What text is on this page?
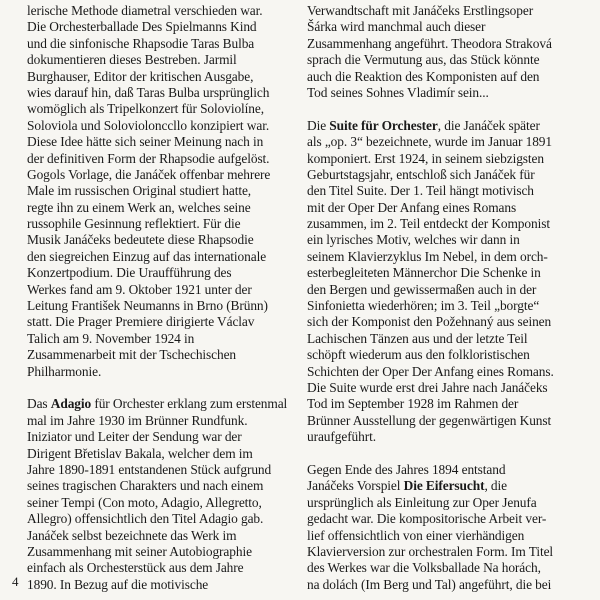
lerische Methode diametral verschieden war.
Die Orchesterballade Des Spielmanns Kind
und die sinfonische Rhapsodie Taras Bulba
dokumentieren dieses Bestreben. Jarmil
Burghauser, Editor der kritischen Ausgabe,
wies darauf hin, daß Taras Bulba ursprünglich
womöglich als Tripelkonzert für Soloviolíne,
Soloviola und Soloviolonccllo konzipiert war.
Diese Idee hätte sich seiner Meinung nach in
der definitiven Form der Rhapsodie aufgelöst.
Gogols Vorlage, die Janáček offenbar mehrere
Male im russischen Original studiert hatte,
regte ihn zu einem Werk an, welches seine
russophile Gesinnung reflektiert. Für die
Musik Janáčeks bedeutete diese Rhapsodie
den siegreichen Einzug auf das internationale
Konzertpodium. Die Uraufführung des
Werkes fand am 9. Oktober 1921 unter der
Leitung František Neumanns in Brno (Brünn)
statt. Die Prager Premiere dirigierte Václav
Talich am 9. November 1924 in
Zusammenarbeit mit der Tschechischen
Philharmonie.
Das Adagio für Orchester erklang zum erstenmal
mal im Jahre 1930 im Brünner Rundfunk.
Iniziator und Leiter der Sendung war der
Dirigent Břetislav Bakala, welcher dem im
Jahre 1890-1891 entstandenen Stück aufgrund
seines tragischen Charakters und nach einem
seiner Tempi (Con moto, Adagio, Allegretto,
Allegro) offensichtlich den Titel Adagio gab.
Janáček selbst bezeichnete das Werk im
Zusammenhang mit seiner Autobiographie
einfach als Orchesterstück aus dem Jahre
1890. In Bezug auf die motivische
Verwandtschaft mit Janáčeks Erstlingsoper
Šárka wird manchmal auch dieser
Zusammenhang angeführt. Theodora Straková
sprach die Vermutung aus, das Stück könnte
auch die Reaktion des Komponisten auf den
Tod seines Sohnes Vladimír sein...
Die Suite für Orchester, die Janáček später
als „op. 3“ bezeichnete, wurde im Januar 1891
komponiert. Erst 1924, in seinem siebzigsten
Geburtstagsjahr, entschloß sich Janáček für
den Titel Suite. Der 1. Teil hängt motivisch
mit der Oper Der Anfang eines Romans
zusammen, im 2. Teil entdeckt der Komponist
ein lyrisches Motiv, welches wir dann in
seinem Klavierzyklus Im Nebel, in dem orch-
esterbegleiteten Männerchor Die Schenke in
den Bergen und gewissermaßen auch in der
Sinfonietta wiederhören; im 3. Teil „borgte“
sich der Komponist den Požehnaný aus seinen
Lachischen Tänzen aus und der letzte Teil
schöpft wiederum aus den folkloristischen
Schichten der Oper Der Anfang eines Romans.
Die Suite wurde erst drei Jahre nach Janáčeks
Tod im September 1928 im Rahmen der
Brünner Ausstellung der gegenwärtigen Kunst
uraufgeführt.
Gegen Ende des Jahres 1894 entstand
Janáčeks Vorspiel Die Eifersucht, die
ursprünglich als Einleitung zur Oper Jenufa
gedacht war. Die kompositorische Arbeit ver-
lief offensichtlich von einer vierhändigen
Klavierversion zur orchestralen Form. Im Titel
des Werkes war die Volksballade Na horách,
na dolách (Im Berg und Tal) angeführt, die bei
4
